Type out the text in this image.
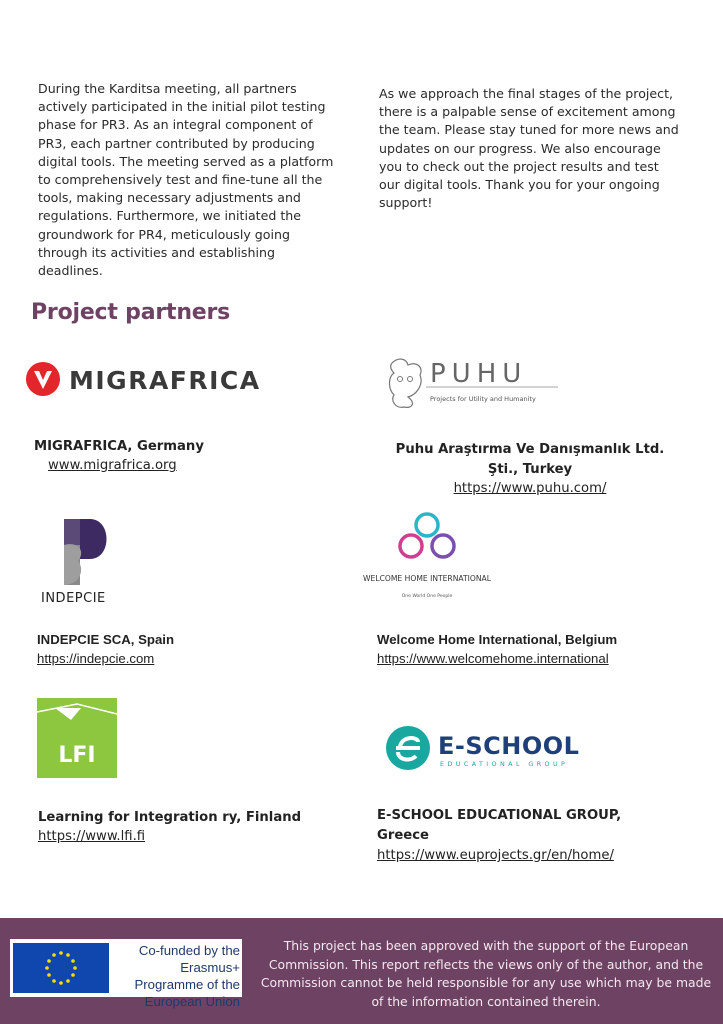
During the Karditsa meeting, all partners actively participated in the initial pilot testing phase for PR3. As an integral component of PR3, each partner contributed by producing digital tools. The meeting served as a platform to comprehensively test and fine-tune all the tools, making necessary adjustments and regulations. Furthermore, we initiated the groundwork for PR4, meticulously going through its activities and establishing deadlines.
As we approach the final stages of the project, there is a palpable sense of excitement among the team. Please stay tuned for more news and updates on our progress. We also encourage you to check out the project results and test our digital tools. Thank you for your ongoing support!
Project partners
MIGRAFRICA
MIGRAFRICA, Germany
www.migrafrica.org
PUHU
Projects for Utility and Humanity
Puhu Araştırma Ve Danışmanlık Ltd. Şti., Turkey
https://www.puhu.com/
INDEPCIE
INDEPCIE SCA, Spain
https://indepcie.com
WELCOME HOME INTERNATIONAL
One World One People
Welcome Home International, Belgium
https://www.welcomehome.international
LFI
Learning for Integration ry, Finland
https://www.lfi.fi
E-SCHOOL
EDUCATIONAL GROUP
E-SCHOOL EDUCATIONAL GROUP, Greece
https://www.euprojects.gr/en/home/
Co-funded by the Erasmus+ Programme of the European Union
This project has been approved with the support of the European Commission. This report reflects the views only of the author, and the Commission cannot be held responsible for any use which may be made of the information contained therein.
